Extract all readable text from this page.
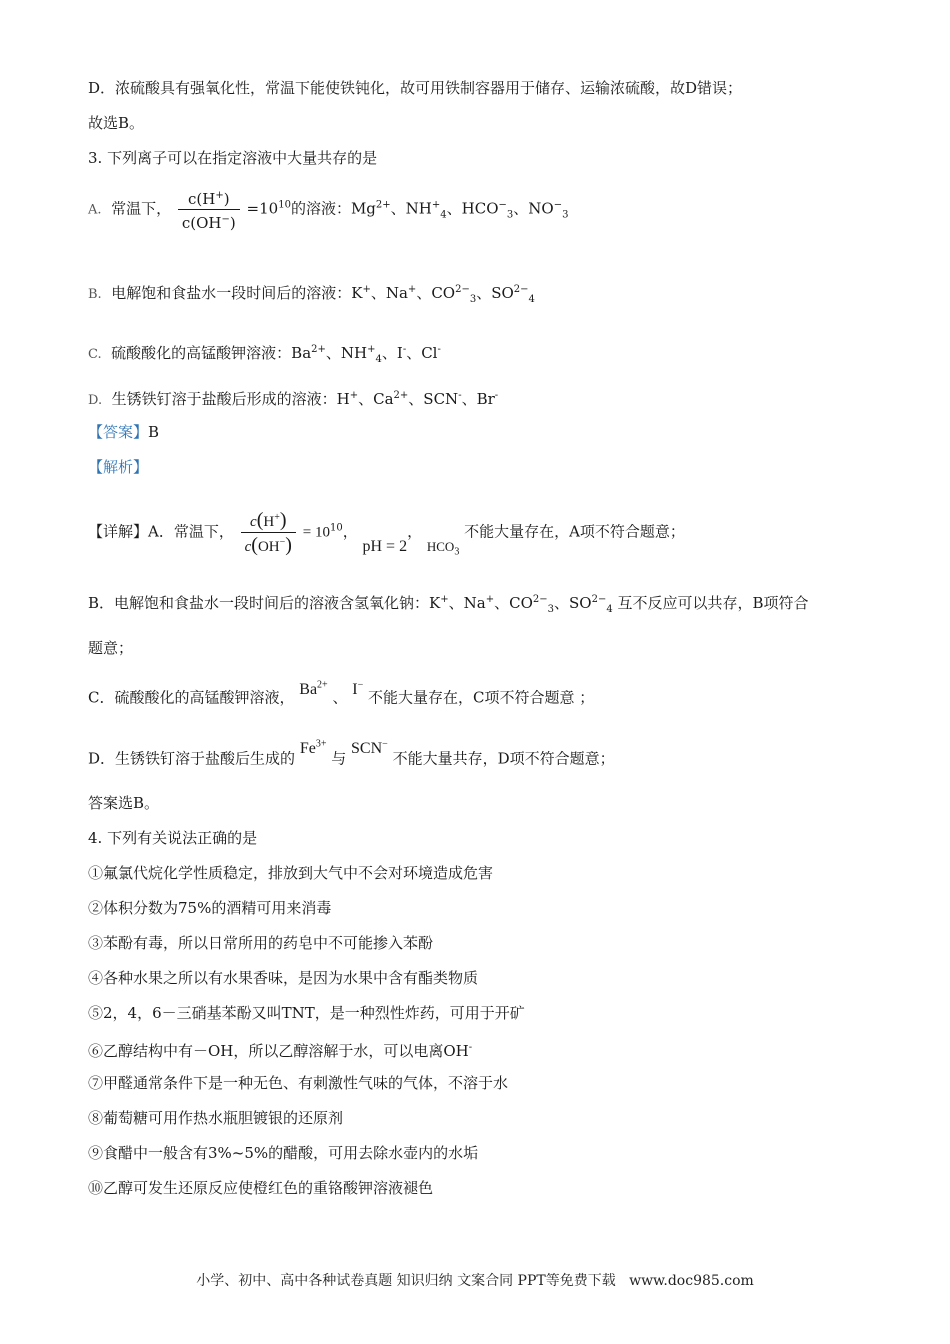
D．浓硫酸具有强氧化性，常温下能使铁钝化，故可用铁制容器用于储存、运输浓硫酸，故D错误；
故选B。
3. 下列离子可以在指定溶液中大量共存的是
A. 常温下， $\frac{c(H^+)}{c(OH^-)} =10^{10}$的溶液：$Mg^{2+}$、$NH^+_4$、$HCO^-_3$、$NO^-_3$
B. 电解饱和食盐水一段时间后的溶液：K+、Na+、$CO^{2-}_3$、$SO^{2-}_4$
C. 硫酸酸化的高锰酸钾溶液：$Ba^{2+}$、$NH^+_4$、I-、Cl-
D. 生锈铁钉溶于盐酸后形成的溶液：H+、$Ca^{2+}$、SCN-、Br-
【答案】B
【解析】
【详解】A．常温下， $\frac{c(H^+)}{c(OH^-)} = 10^{10}$， pH = 2， $HCO_3$ 不能大量存在，A项不符合题意；
B．电解饱和食盐水一段时间后的溶液含氢氧化钠：K+、Na+、$CO^{2-}_3$、$SO^{2-}_4$ 互不反应可以共存，B项符合
题意；
C．硫酸酸化的高锰酸钾溶液， $Ba^{2+}$ 、 I− 不能大量存在，C项不符合题意 ；
D．生锈铁钉溶于盐酸后生成的 $Fe^{3+}$ 与 SCN− 不能大量共存，D项不符合题意；
答案选B。
4. 下列有关说法正确的是
①氟氯代烷化学性质稳定，排放到大气中不会对环境造成危害
②体积分数为75%的酒精可用来消毒
③苯酚有毒，所以日常所用的药皂中不可能掺入苯酚
④各种水果之所以有水果香味，是因为水果中含有酯类物质
⑤2，4，6－三硝基苯酚又叫TNT，是一种烈性炸药，可用于开矿
⑥乙醇结构中有－OH，所以乙醇溶解于水，可以电离OH-
⑦甲醛通常条件下是一种无色、有刺激性气味的气体，不溶于水
⑧葡萄糖可用作热水瓶胆镀银的还原剂
⑨食醋中一般含有3%~5%的醋酸，可用去除水壶内的水垢
⑩乙醇可发生还原反应使橙红色的重铬酸钾溶液褪色
小学、初中、高中各种试卷真题 知识归纳 文案合同 PPT等免费下载 www.doc985.com
